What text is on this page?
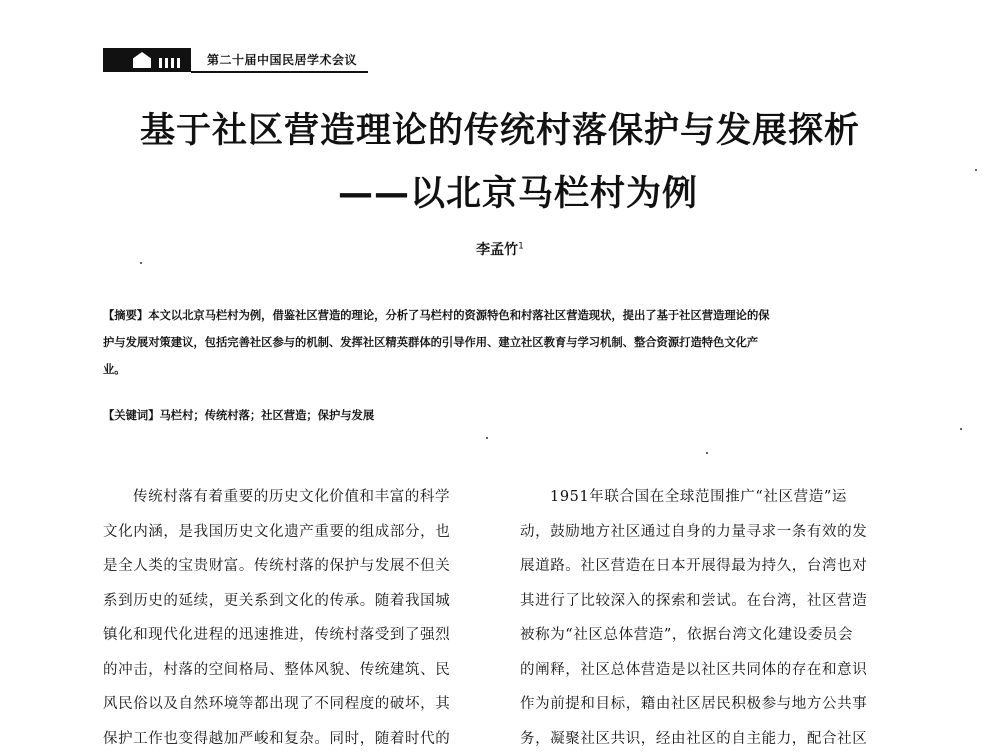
第二十届中国民居学术会议
基于社区营造理论的传统村落保护与发展探析
——以北京马栏村为例
李孟竹$^1$
【摘要】本文以北京马栏村为例，借鉴社区营造的理论，分析了马栏村的资源特色和村落社区营造现状，提出了基于社区营造理论的保
护与发展对策建议，包括完善社区参与的机制、发挥社区精英群体的引导作用、建立社区教育与学习机制、整合资源打造特色文化产
业。
【关键词】马栏村；传统村落；社区营造；保护与发展

传统村落有着重要的历史文化价值和丰富的科学

文化内涵，是我国历史文化遗产重要的组成部分，也

是全人类的宝贵财富。传统村落的保护与发展不但关

系到历史的延续，更关系到文化的传承。随着我国城

镇化和现代化进程的迅速推进，传统村落受到了强烈

的冲击，村落的空间格局、整体风貌、传统建筑、民

风民俗以及自然环境等都出现了不同程度的破坏，其

保护工作也变得越加严峻和复杂。同时，随着时代的

1951年联合国在全球范围推广“社区营造”运

动，鼓励地方社区通过自身的力量寻求一条有效的发

展道路。社区营造在日本开展得最为持久，台湾也对

其进行了比较深入的探索和尝试。在台湾，社区营造

被称为“社区总体营造”，依据台湾文化建设委员会

的阐释，社区总体营造是以社区共同体的存在和意识

作为前提和目标，籍由社区居民积极参与地方公共事

务，凝聚社区共识，经由社区的自主能力，配合社区
